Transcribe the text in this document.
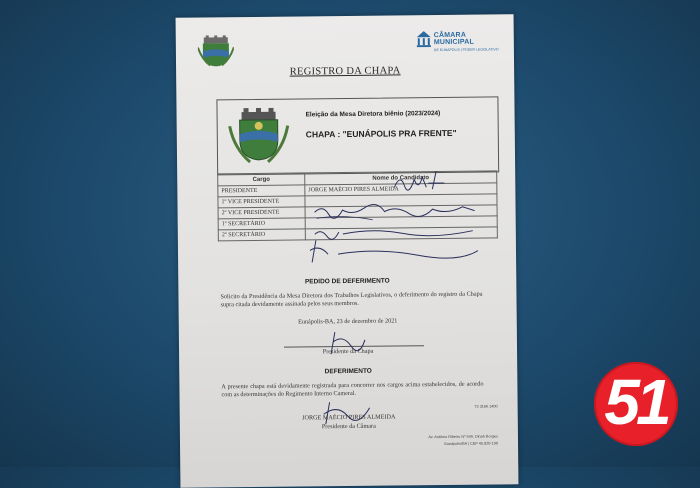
CÂMARA
MUNICIPAL
DE EUNÁPOLIS | PODER LEGISLATIVO
REGISTRO DA CHAPA
Eleição da Mesa Diretora biênio (2023/2024)
CHAPA : "EUNÁPOLIS PRA FRENTE"
Cargo	Nome do Candidato
PRESIDENTE	JORGE MAÉCIO PIRES ALMEIDA
1º VICE PRESIDENTE	
2º VICE PRESIDENTE	
1º SECRETÁRIO	
2º SECRETÁRIO	
PEDIDO DE DEFERIMENTO
Solicito da Presidência da Mesa Diretora dos Trabalhos Legislativos, o deferimento do registro da Chapa supra citada devidamente assinada pelos seus membros.
Eunápolis-BA, 23 de dezembro de 2021
Presidente da Chapa
DEFERIMENTO
A presente chapa está devidamente registrada para concorrer nos cargos acima estabelecidos, de acordo com as determinações do Regimento Interno Cameral.
JORGE MAÉCIO PIRES ALMEIDA
Presidente da Câmara
73 3166.1400
Av. Antônio Ribeiro Nº 549, Dinah Borges
Eunápolis/BA | CEP 45.820-190
51
